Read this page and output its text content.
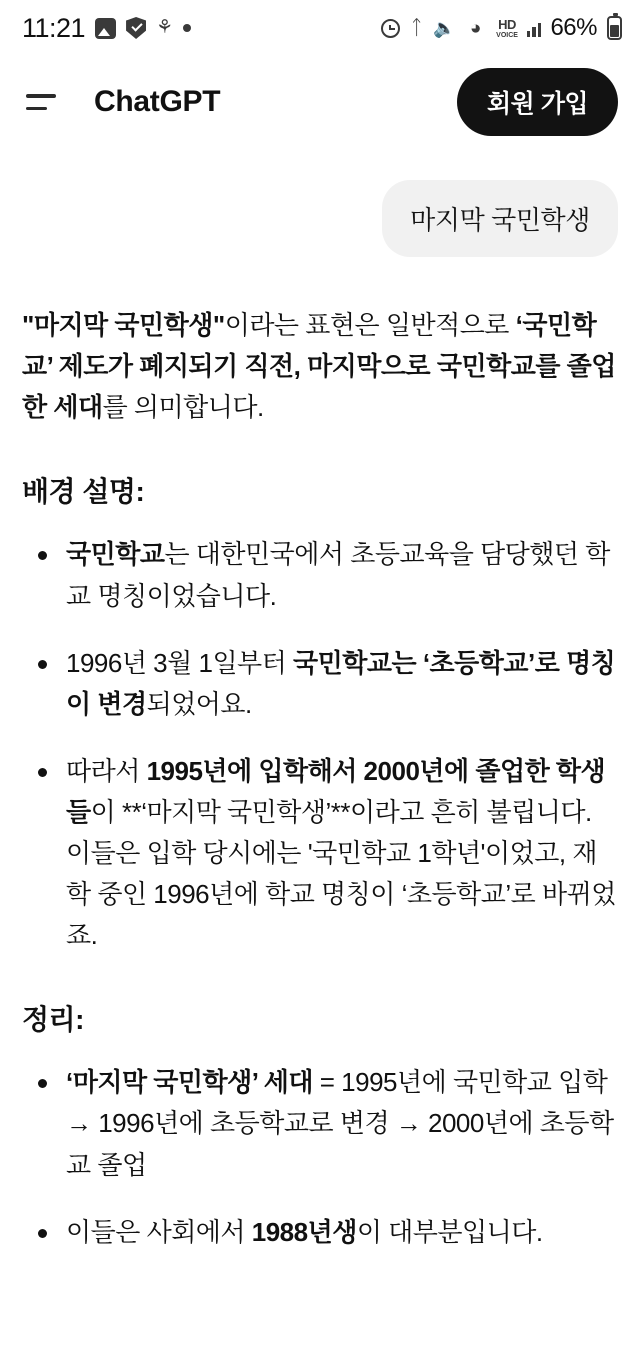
11:21	⚘	ᛏ 🔈 ◕	HD
VOICE 66%
ChatGPT	회원 가입
마지막 국민학생

"마지막 국민학생"이라는 표현은 일반적으로 ‘국민학교’ 제도가 폐지되기 직전, 마지막으로 국민학교를 졸업한 세대를 의미합니다.

배경 설명:
국민학교는 대한민국에서 초등교육을 담당했던 학교 명칭이었습니다.
1996년 3월 1일부터 국민학교는 ‘초등학교’로 명칭이 변경되었어요.
따라서 1995년에 입학해서 2000년에 졸업한 학생들이 **‘마지막 국민학생’**이라고 흔히 불립니다. 이들은 입학 당시에는 '국민학교 1학년'이었고, 재학 중인 1996년에 학교 명칭이 ‘초등학교’로 바뀌었죠.
정리:
‘마지막 국민학생’ 세대 = 1995년에 국민학교 입학 → 1996년에 초등학교로 변경 → 2000년에 초등학교 졸업
이들은 사회에서 1988년생이 대부분입니다.
